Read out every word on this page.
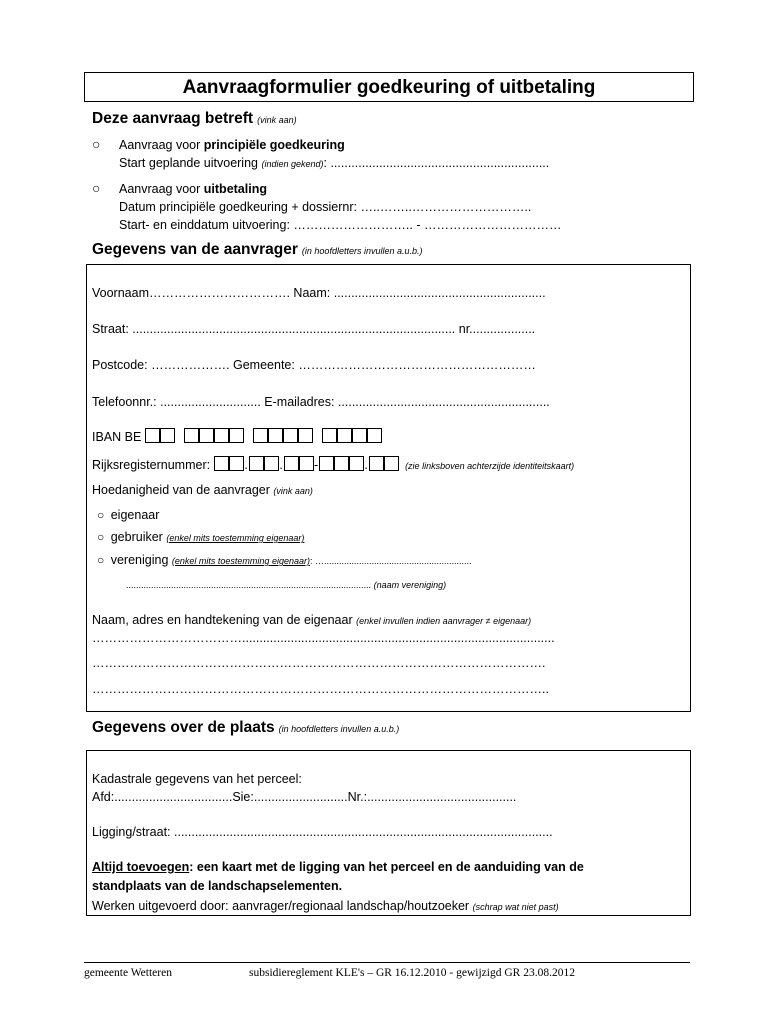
Aanvraagformulier goedkeuring of uitbetaling
Deze aanvraag betreft (vink aan)
○ Aanvraag voor principiële goedkeuring
Start geplande uitvoering (indien gekend): ...............................................................
○ Aanvraag voor uitbetaling
Datum principiële goedkeuring + dossiernr: …..……..………………………..
Start- en einddatum uitvoering: ……………………….. - ……………………………
Gegevens van de aanvrager (in hoofdletters invullen a.u.b.)
Voornaam……………………………. Naam: .............................................................
Straat: ............................................................................................. nr...................
Postcode: ………………. Gemeente: …………………………………………………
Telefoonnr.: ............................. E-mailadres: .............................................................
IBAN BE
Rijksregisternummer:	.	. -	.	(zie linksboven achterzijde identiteitskaart)
Hoedanigheid van de aanvrager (vink aan)
○ eigenaar
○ gebruiker (enkel mits toestemming eigenaar)
○ vereniging (enkel mits toestemming eigenaar): …...........................................................
.................................................................................................. (naam vereniging)
Naam, adres en handtekening van de eigenaar (enkel invullen indien aanvrager ≠ eigenaar)
………………………………..........................................................................................
……………………………………………………………………………………………….
………………………………………………………………………………………………..
Gegevens over de plaats (in hoofdletters invullen a.u.b.)
Kadastrale gegevens van het perceel:
Afd:..................................Sie:...........................Nr.:...........................................
Ligging/straat: .............................................................................................................
Altijd toevoegen: een kaart met de ligging van het perceel en de aanduiding van de
standplaats van de landschapselementen.
Werken uitgevoerd door: aanvrager/regionaal landschap/houtzoeker (schrap wat niet past)
gemeente Wetteren	subsidiereglement KLE's – GR 16.12.2010 - gewijzigd GR 23.08.2012
